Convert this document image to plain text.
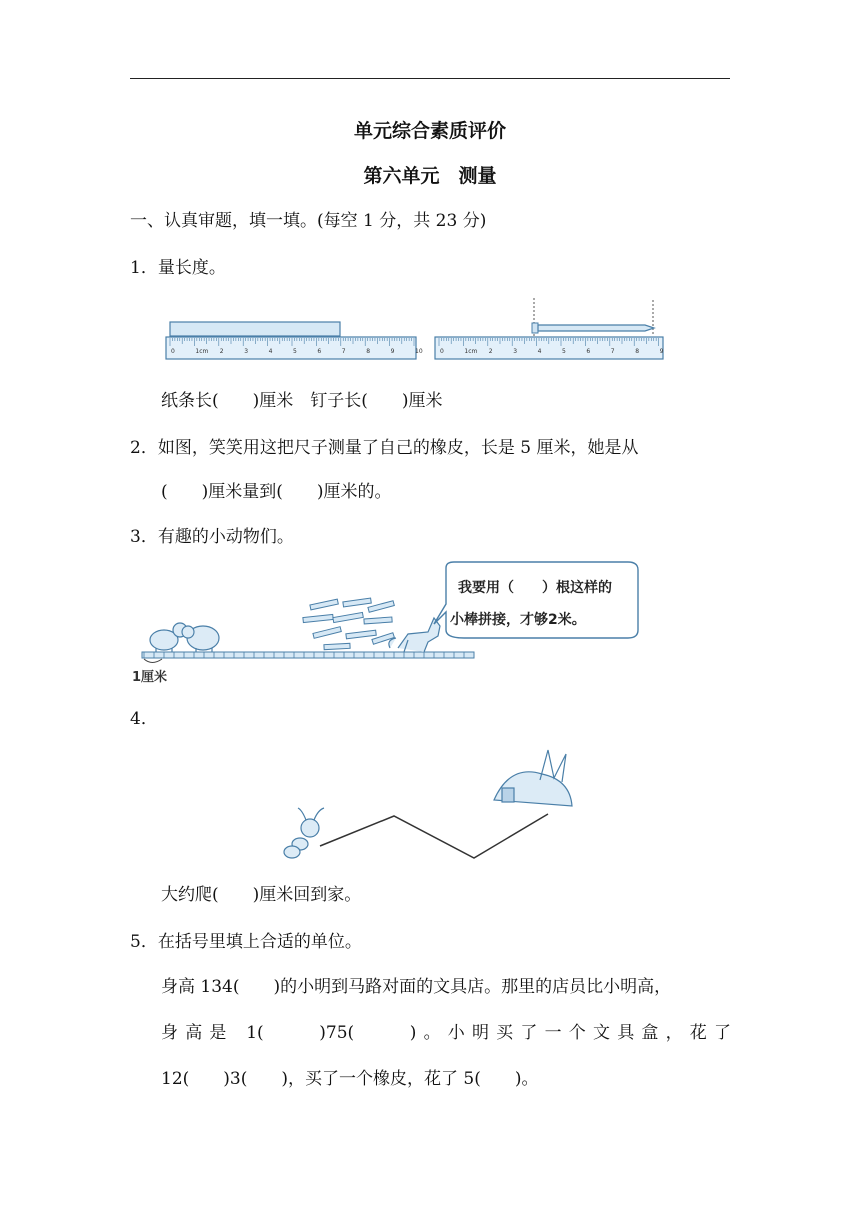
单元综合素质评价
第六单元　测量
一、认真审题，填一填。(每空 1 分，共 23 分)
1．量长度。
0	1cm 2	3	4	5	6	7	8	9	10	0	1cm 2	3	4	5	6	7	8	9
纸条长(　　)厘米　钉子长(　　)厘米
2．如图，笑笑用这把尺子测量了自己的橡皮，长是 5 厘米，她是从
(　　)厘米量到(　　)厘米的。
3．有趣的小动物们。
1厘米
我要用（　　）根这样的
小棒拼接，才够2米。
4．
大约爬(　　)厘米回到家。
5．在括号里填上合适的单位。
身高 134(　　)的小明到马路对面的文具店。那里的店员比小明高，
身高是 1(　　)75(　　)。小明买了一个文具盒，花了
12(　　)3(　　)，买了一个橡皮，花了 5(　　)。
